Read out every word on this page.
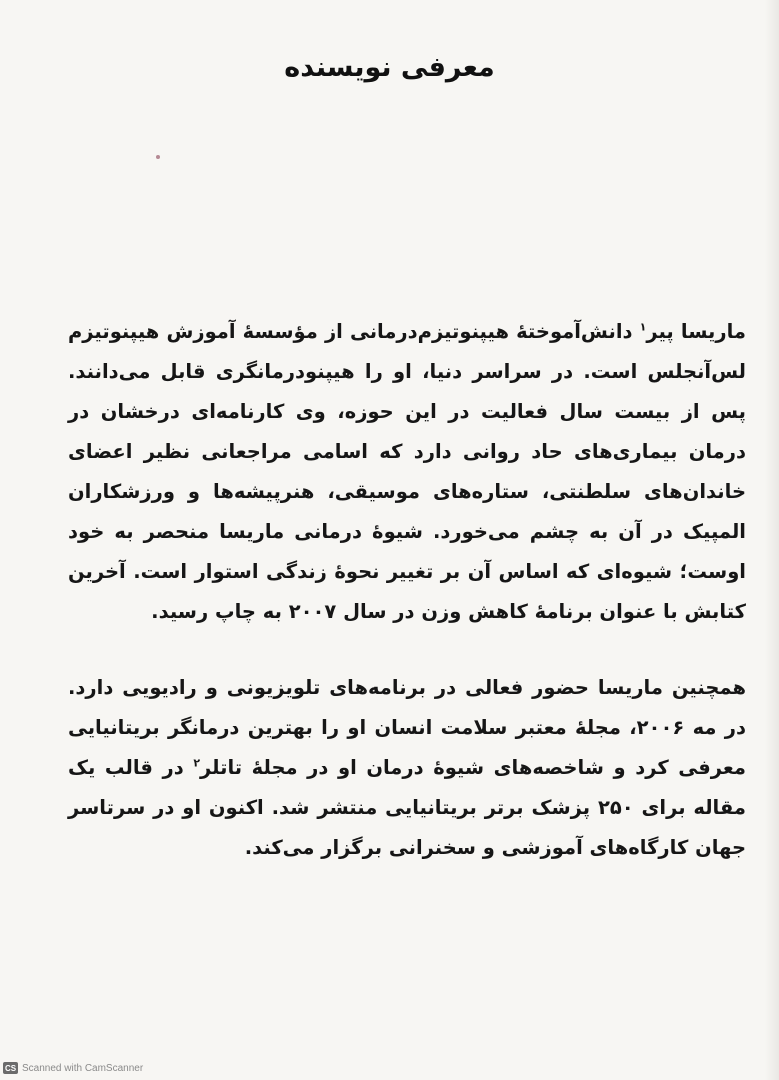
معرفی نویسنده
ماریسا پیر$^۱$ دانش‌آموختهٔ هیپنوتیزم‌درمانی از مؤسسهٔ آموزش هیپنوتیزم لس‌آنجلس است. در سراسر دنیا، او را هیپنودرمانگری قابل می‌دانند. پس از بیست سال فعالیت در این حوزه، وی کارنامه‌ای درخشان در درمان بیماری‌های حاد روانی دارد که اسامی مراجعانی نظیر اعضای خاندان‌های سلطنتی، ستاره‌های موسیقی، هنرپیشه‌ها و ورزشکاران المپیک در آن به چشم می‌خورد. شیوهٔ درمانی ماریسا منحصر به خود اوست؛ شیوه‌ای که اساس آن بر تغییر نحوهٔ زندگی استوار است. آخرین کتابش با عنوان برنامهٔ کاهش وزن در سال ۲۰۰۷ به چاپ رسید.
همچنین ماریسا حضور فعالی در برنامه‌های تلویزیونی و رادیویی دارد. در مه ۲۰۰۶، مجلهٔ معتبر سلامت انسان او را بهترین درمانگر بریتانیایی معرفی کرد و شاخصه‌های شیوهٔ درمان او در مجلهٔ تاتلر$^۲$ در قالب یک مقاله برای ۲۵۰ پزشک برتر بریتانیایی منتشر شد. اکنون او در سرتاسر جهان کارگاه‌های آموزشی و سخنرانی برگزار می‌کند.
CS Scanned with CamScanner
